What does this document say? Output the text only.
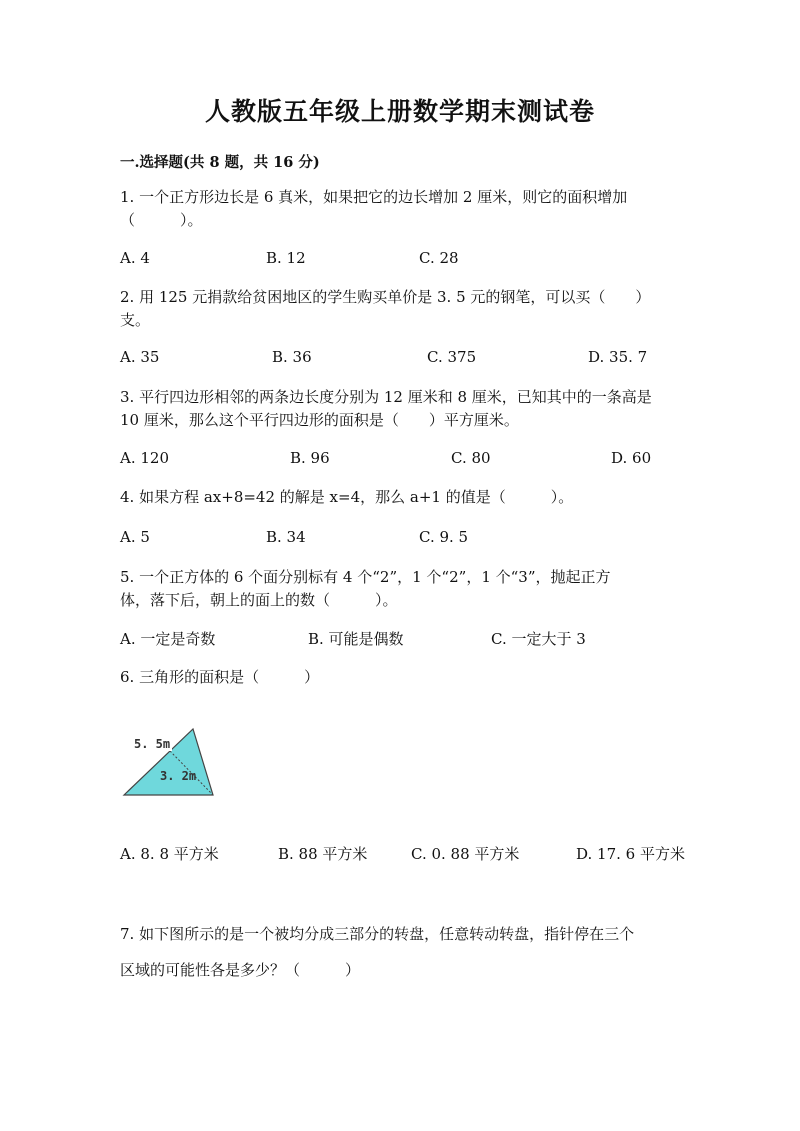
人教版五年级上册数学期末测试卷
一.选择题(共 8 题，共 16 分)
1. 一个正方形边长是 6 真米，如果把它的边长增加 2 厘米，则它的面积增加
（　　　）。
A. 4	B. 12	C. 28
2. 用 125 元捐款给贫困地区的学生购买单价是 3. 5 元的钢笔，可以买（　　）
支。
A. 35	B. 36	C. 375	D. 35. 7
3. 平行四边形相邻的两条边长度分别为 12 厘米和 8 厘米，已知其中的一条高是
10 厘米，那么这个平行四边形的面积是（　　）平方厘米。
A. 120	B. 96	C. 80	D. 60
4. 如果方程 ax+8=42 的解是 x=4，那么 a+1 的值是（　　　）。
A. 5	B. 34	C. 9. 5
5. 一个正方体的 6 个面分别标有 4 个“2”，1 个“2”，1 个“3”，抛起正方
体，落下后，朝上的面上的数（　　　）。
A. 一定是奇数	B. 可能是偶数	C. 一定大于 3
6. 三角形的面积是（　　　）
5. 5m
3. 2m
A. 8. 8 平方米	B. 88 平方米	C. 0. 88 平方米	D. 17. 6 平方米
7. 如下图所示的是一个被均分成三部分的转盘，任意转动转盘，指针停在三个
区域的可能性各是多少？（　　　）
